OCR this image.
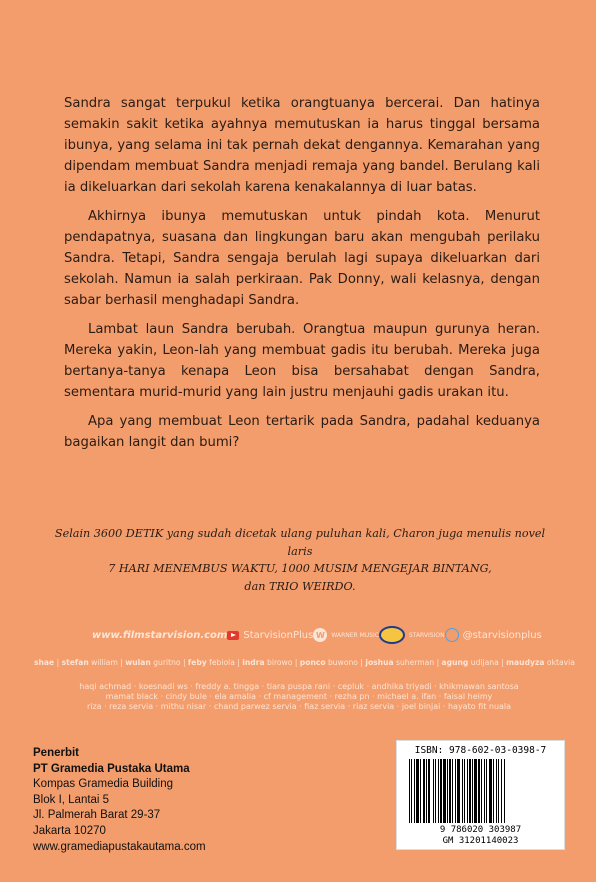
Sandra sangat terpukul ketika orangtuanya bercerai. Dan hatinya semakin sakit ketika ayahnya memutuskan ia harus tinggal bersama ibunya, yang selama ini tak pernah dekat dengannya. Kemarahan yang dipendam membuat Sandra menjadi remaja yang bandel. Berulang kali ia dikeluarkan dari sekolah karena kenakalannya di luar batas.

Akhirnya ibunya memutuskan untuk pindah kota. Menurut pendapatnya, suasana dan lingkungan baru akan mengubah perilaku Sandra. Tetapi, Sandra sengaja berulah lagi supaya dikeluarkan dari sekolah. Namun ia salah perkiraan. Pak Donny, wali kelasnya, dengan sabar berhasil menghadapi Sandra.

Lambat laun Sandra berubah. Orangtua maupun gurunya heran. Mereka yakin, Leon-lah yang membuat gadis itu berubah. Mereka juga bertanya-tanya kenapa Leon bisa bersahabat dengan Sandra, sementara murid-murid yang lain justru menjauhi gadis urakan itu.

Apa yang membuat Leon tertarik pada Sandra, padahal keduanya bagaikan langit dan bumi?

Selain 3600 DETIK yang sudah dicetak ulang puluhan kali, Charon juga menulis novel laris
7 HARI MENEMBUS WAKTU, 1000 MUSIM MENGEJAR BINTANG,
dan TRIO WEIRDO.
www.filmstarvision.com StarvisionPlus W	WARNER MUSIC	STARVISION @starvisionplus
shae | stefan william | wulan guritno | feby febiola | indra birowo | ponco buwono | joshua suherman | agung udijana | maudyza oktavia
haqi achmad · koesnadi ws · freddy a. tingga · tiara puspa rani · cepluk · andhika triyadi · khikmawan santosa
mamat black · cindy bule · ela amalia · cf management · rezha pn · michael a. ifan · faisal heimy
riza · reza servia · mithu nisar · chand parwez servia · fiaz servia · riaz servia · joel binjai · hayato fit nuala
Penerbit
PT Gramedia Pustaka Utama
Kompas Gramedia Building
Blok I, Lantai 5
Jl. Palmerah Barat 29-37
Jakarta 10270
www.gramediapustakautama.com
ISBN: 978-602-03-0398-7
9 786020 303987
GM 31201140023
